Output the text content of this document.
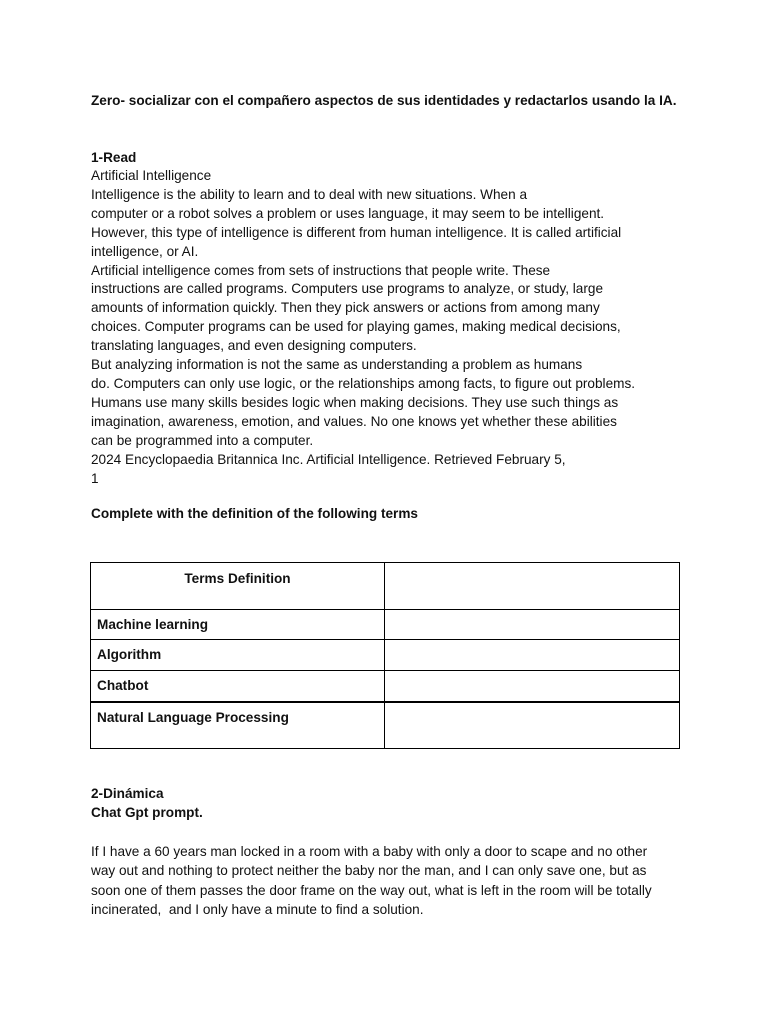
Zero- socializar con el compañero aspectos de sus identidades y redactarlos usando la IA.
1-Read
Artificial Intelligence
Intelligence is the ability to learn and to deal with new situations. When a
computer or a robot solves a problem or uses language, it may seem to be intelligent.
However, this type of intelligence is different from human intelligence. It is called artificial
intelligence, or AI.
Artificial intelligence comes from sets of instructions that people write. These
instructions are called programs. Computers use programs to analyze, or study, large
amounts of information quickly. Then they pick answers or actions from among many
choices. Computer programs can be used for playing games, making medical decisions,
translating languages, and even designing computers.
But analyzing information is not the same as understanding a problem as humans
do. Computers can only use logic, or the relationships among facts, to figure out problems.
Humans use many skills besides logic when making decisions. They use such things as
imagination, awareness, emotion, and values. No one knows yet whether these abilities
can be programmed into a computer.
2024 Encyclopaedia Britannica Inc. Artificial Intelligence. Retrieved February 5,
1
Complete with the definition of the following terms
Terms Definition	
Machine learning	
Algorithm	
Chatbot	
Natural Language Processing	
2-Dinámica
Chat Gpt prompt.
If I have a 60 years man locked in a room with a baby with only a door to scape and no other
way out and nothing to protect neither the baby nor the man, and I can only save one, but as
soon one of them passes the door frame on the way out, what is left in the room will be totally
incinerated,  and I only have a minute to find a solution.
